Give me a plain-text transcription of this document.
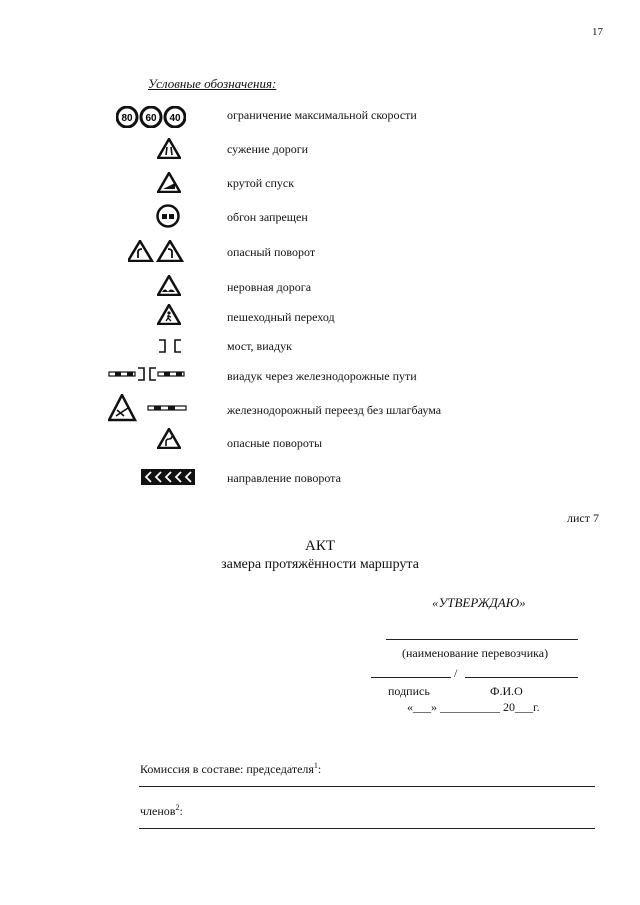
17
Условные обозначения:
80 60 40	ограничение максимальной скорости
сужение дороги
крутой спуск
обгон запрещен
опасный поворот
неровная дорога
пешеходный переход
мост, виадук
виадук через железнодорожные пути
железнодорожный переезд без шлагбаума
опасные повороты
направление поворота
лист 7
АКТ
замера протяжённости маршрута
«УТВЕРЖДАЮ»
(наименование перевозчика)
/
подпись	Ф.И.О
«___» __________ 20___г.
Комиссия в составе: председателя$^1$:
членов$^2$:
